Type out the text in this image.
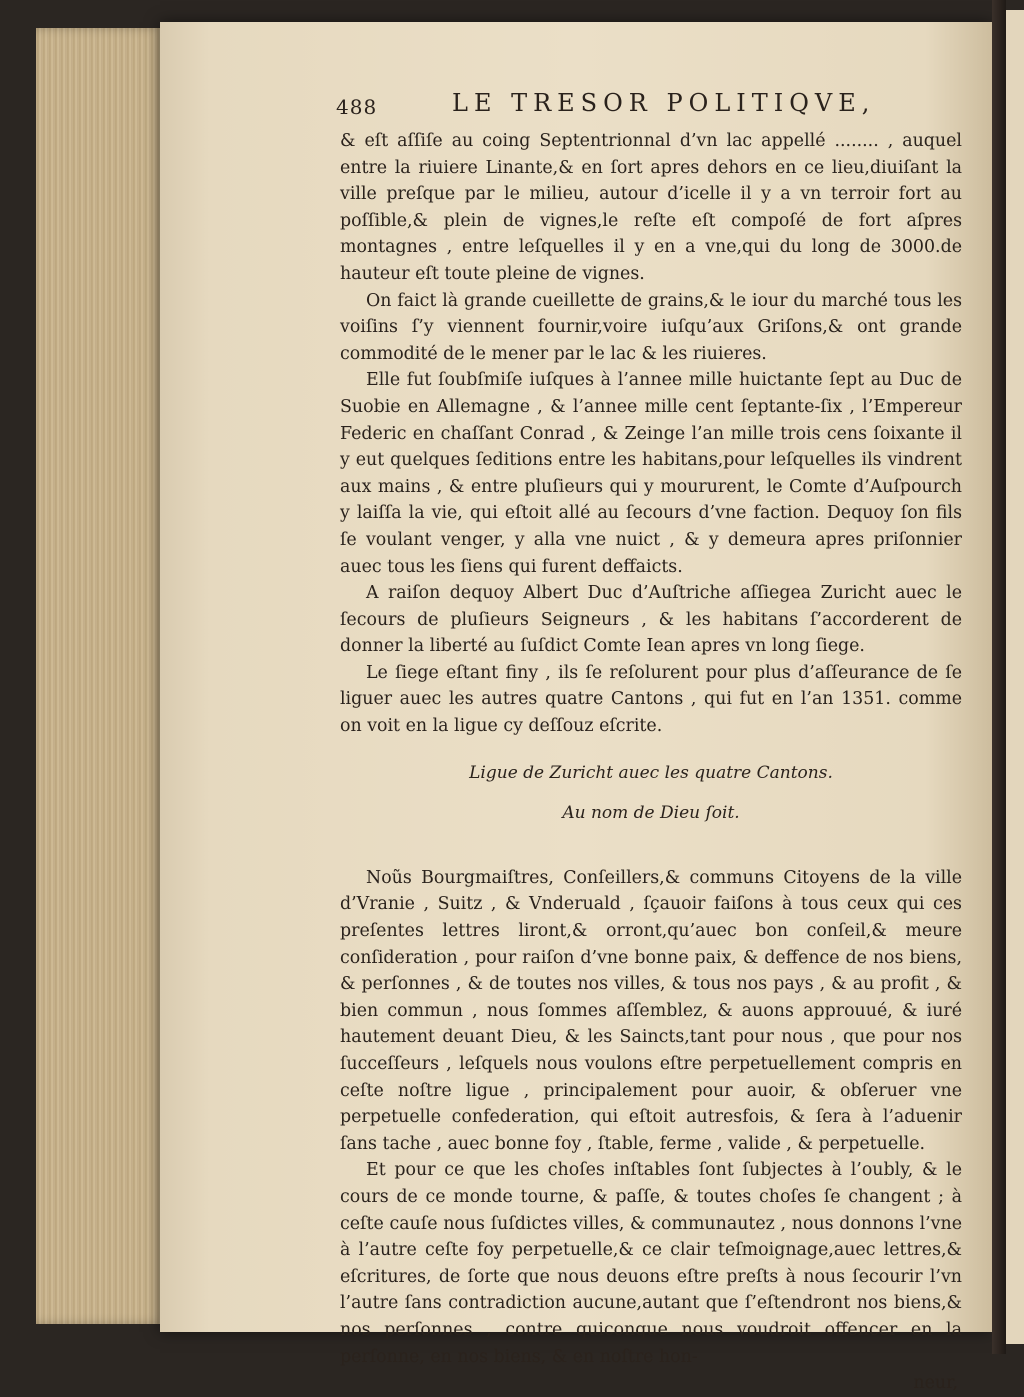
488	LE TRESOR POLITIQVE,

& eſt aſſiſe au coing Septentrionnal d’vn lac appellé ........ , auquel entre la riuiere Linante,& en ſort apres dehors en ce lieu,diuiſant la ville preſque par le milieu, autour d’icelle il y a vn terroir fort au poſſible,& plein de vignes,le reſte eſt compoſé de fort aſpres montagnes , entre leſquelles il y en a vne,qui du long de 3000.de hauteur eſt toute pleine de vignes.

On faict là grande cueillette de grains,& le iour du marché tous les voiſins ſ’y viennent fournir,voire iuſqu’aux Griſons,& ont grande commodité de le mener par le lac & les riuieres.

Elle fut ſoubſmiſe iuſques à l’annee mille huictante ſept au Duc de Suobie en Allemagne , & l’annee mille cent ſeptante-ſix , l’Empereur Federic en chaſſant Conrad , & Zeinge l’an mille trois cens ſoixante il y eut quelques ſeditions entre les habitans,pour leſquelles ils vindrent aux mains , & entre pluſieurs qui y moururent, le Comte d’Auſpourch y laiſſa la vie, qui eſtoit allé au ſecours d’vne faction. Dequoy ſon fils ſe voulant venger, y alla vne nuict , & y demeura apres priſonnier auec tous les ſiens qui furent deffaicts.

A raiſon dequoy Albert Duc d’Auſtriche aſſiegea Zuricht auec le ſecours de pluſieurs Seigneurs , & les habitans ſ’accorderent de donner la liberté au ſuſdict Comte Iean apres vn long ſiege.

Le ſiege eſtant finy , ils ſe reſolurent pour plus d’aſſeurance de ſe liguer auec les autres quatre Cantons , qui fut en l’an 1351. comme on voit en la ligue cy deſſouz eſcrite.

Ligue de Zuricht auec les quatre Cantons.
Au nom de Dieu ſoit.

Noũs Bourgmaiſtres, Conſeillers,& communs Citoyens de la ville d’Vranie , Suitz , & Vnderuald , ſçauoir faiſons à tous ceux qui ces preſentes lettres liront,& orront,qu’auec bon conſeil,& meure conſideration , pour raiſon d’vne bonne paix, & deffence de nos biens, & perſonnes , & de toutes nos villes, & tous nos pays , & au profit , & bien commun , nous ſommes aſſemblez, & auons approuué, & iuré hautement deuant Dieu, & les Saincts,tant pour nous , que pour nos ſucceſſeurs , leſquels nous voulons eſtre perpetuellement compris en ceſte noſtre ligue , principalement pour auoir, & obſeruer vne perpetuelle confederation, qui eſtoit autresfois, & ſera à l’aduenir ſans tache , auec bonne foy , ſtable, ferme , valide , & perpetuelle.

Et pour ce que les choſes inſtables ſont ſubjectes à l’oubly, & le cours de ce monde tourne, & paſſe, & toutes choſes ſe changent ; à ceſte cauſe nous ſuſdictes villes, & communautez , nous donnons l’vne à l’autre ceſte foy perpetuelle,& ce clair teſmoignage,auec lettres,& eſcritures, de ſorte que nous deuons eſtre preſts à nous ſecourir l’vn l’autre ſans contradiction aucune,autant que ſ’eſtendront nos biens,& nos perſonnes , contre quiconque nous voudroit offencer en la perſonne, en nos biens, & en noſtre hon-

neur,
